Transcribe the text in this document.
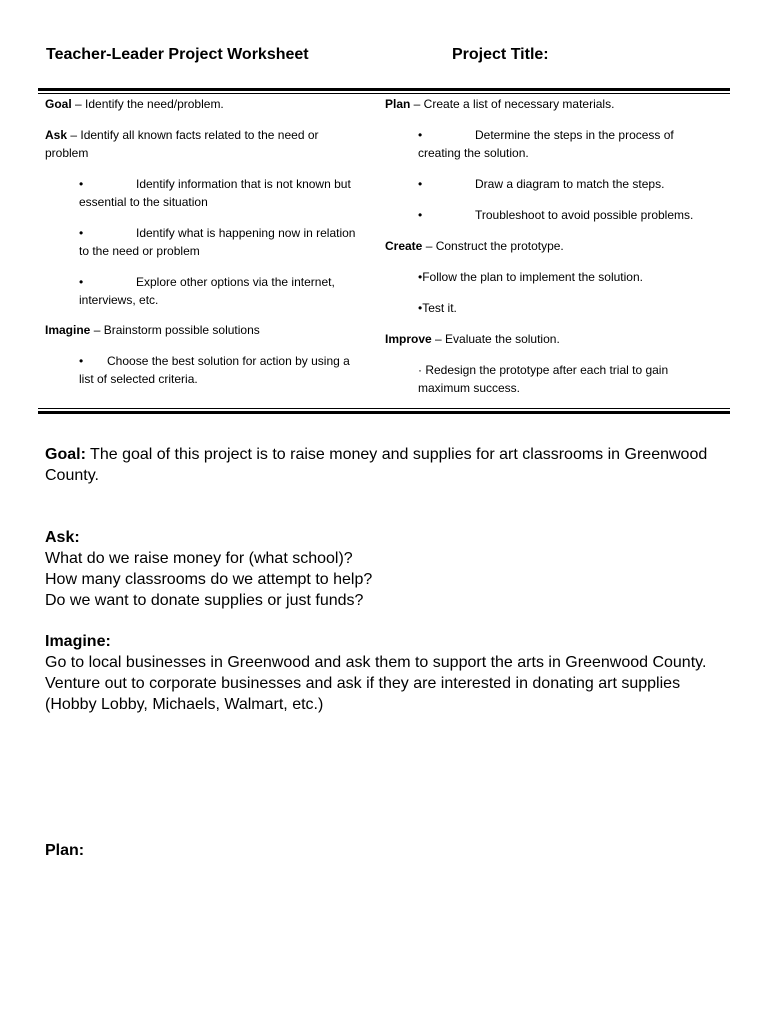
Teacher-Leader Project Worksheet	Project Title:

Goal – Identify the need/problem.

Ask – Identify all known facts related to the need or problem

•	Identify information that is not known but essential to the situation

•	Identify what is happening now in relation to the need or problem

•	Explore other options via the internet, interviews, etc.

Imagine – Brainstorm possible solutions

• Choose the best solution for action by using a list of selected criteria.

Plan – Create a list of necessary materials.

•	Determine the steps in the process of creating the solution.

•	Draw a diagram to match the steps.

•	Troubleshoot to avoid possible problems.

Create – Construct the prototype.

•Follow the plan to implement the solution.

•Test it.

Improve – Evaluate the solution.

· Redesign the prototype after each trial to gain maximum success.

Goal: The goal of this project is to raise money and supplies for art classrooms in Greenwood County.

Ask:

What do we raise money for (what school)?

How many classrooms do we attempt to help?

Do we want to donate supplies or just funds?

Imagine:

Go to local businesses in Greenwood and ask them to support the arts in Greenwood County.

Venture out to corporate businesses and ask if they are interested in donating art supplies (Hobby Lobby, Michaels, Walmart, etc.)

Plan:
